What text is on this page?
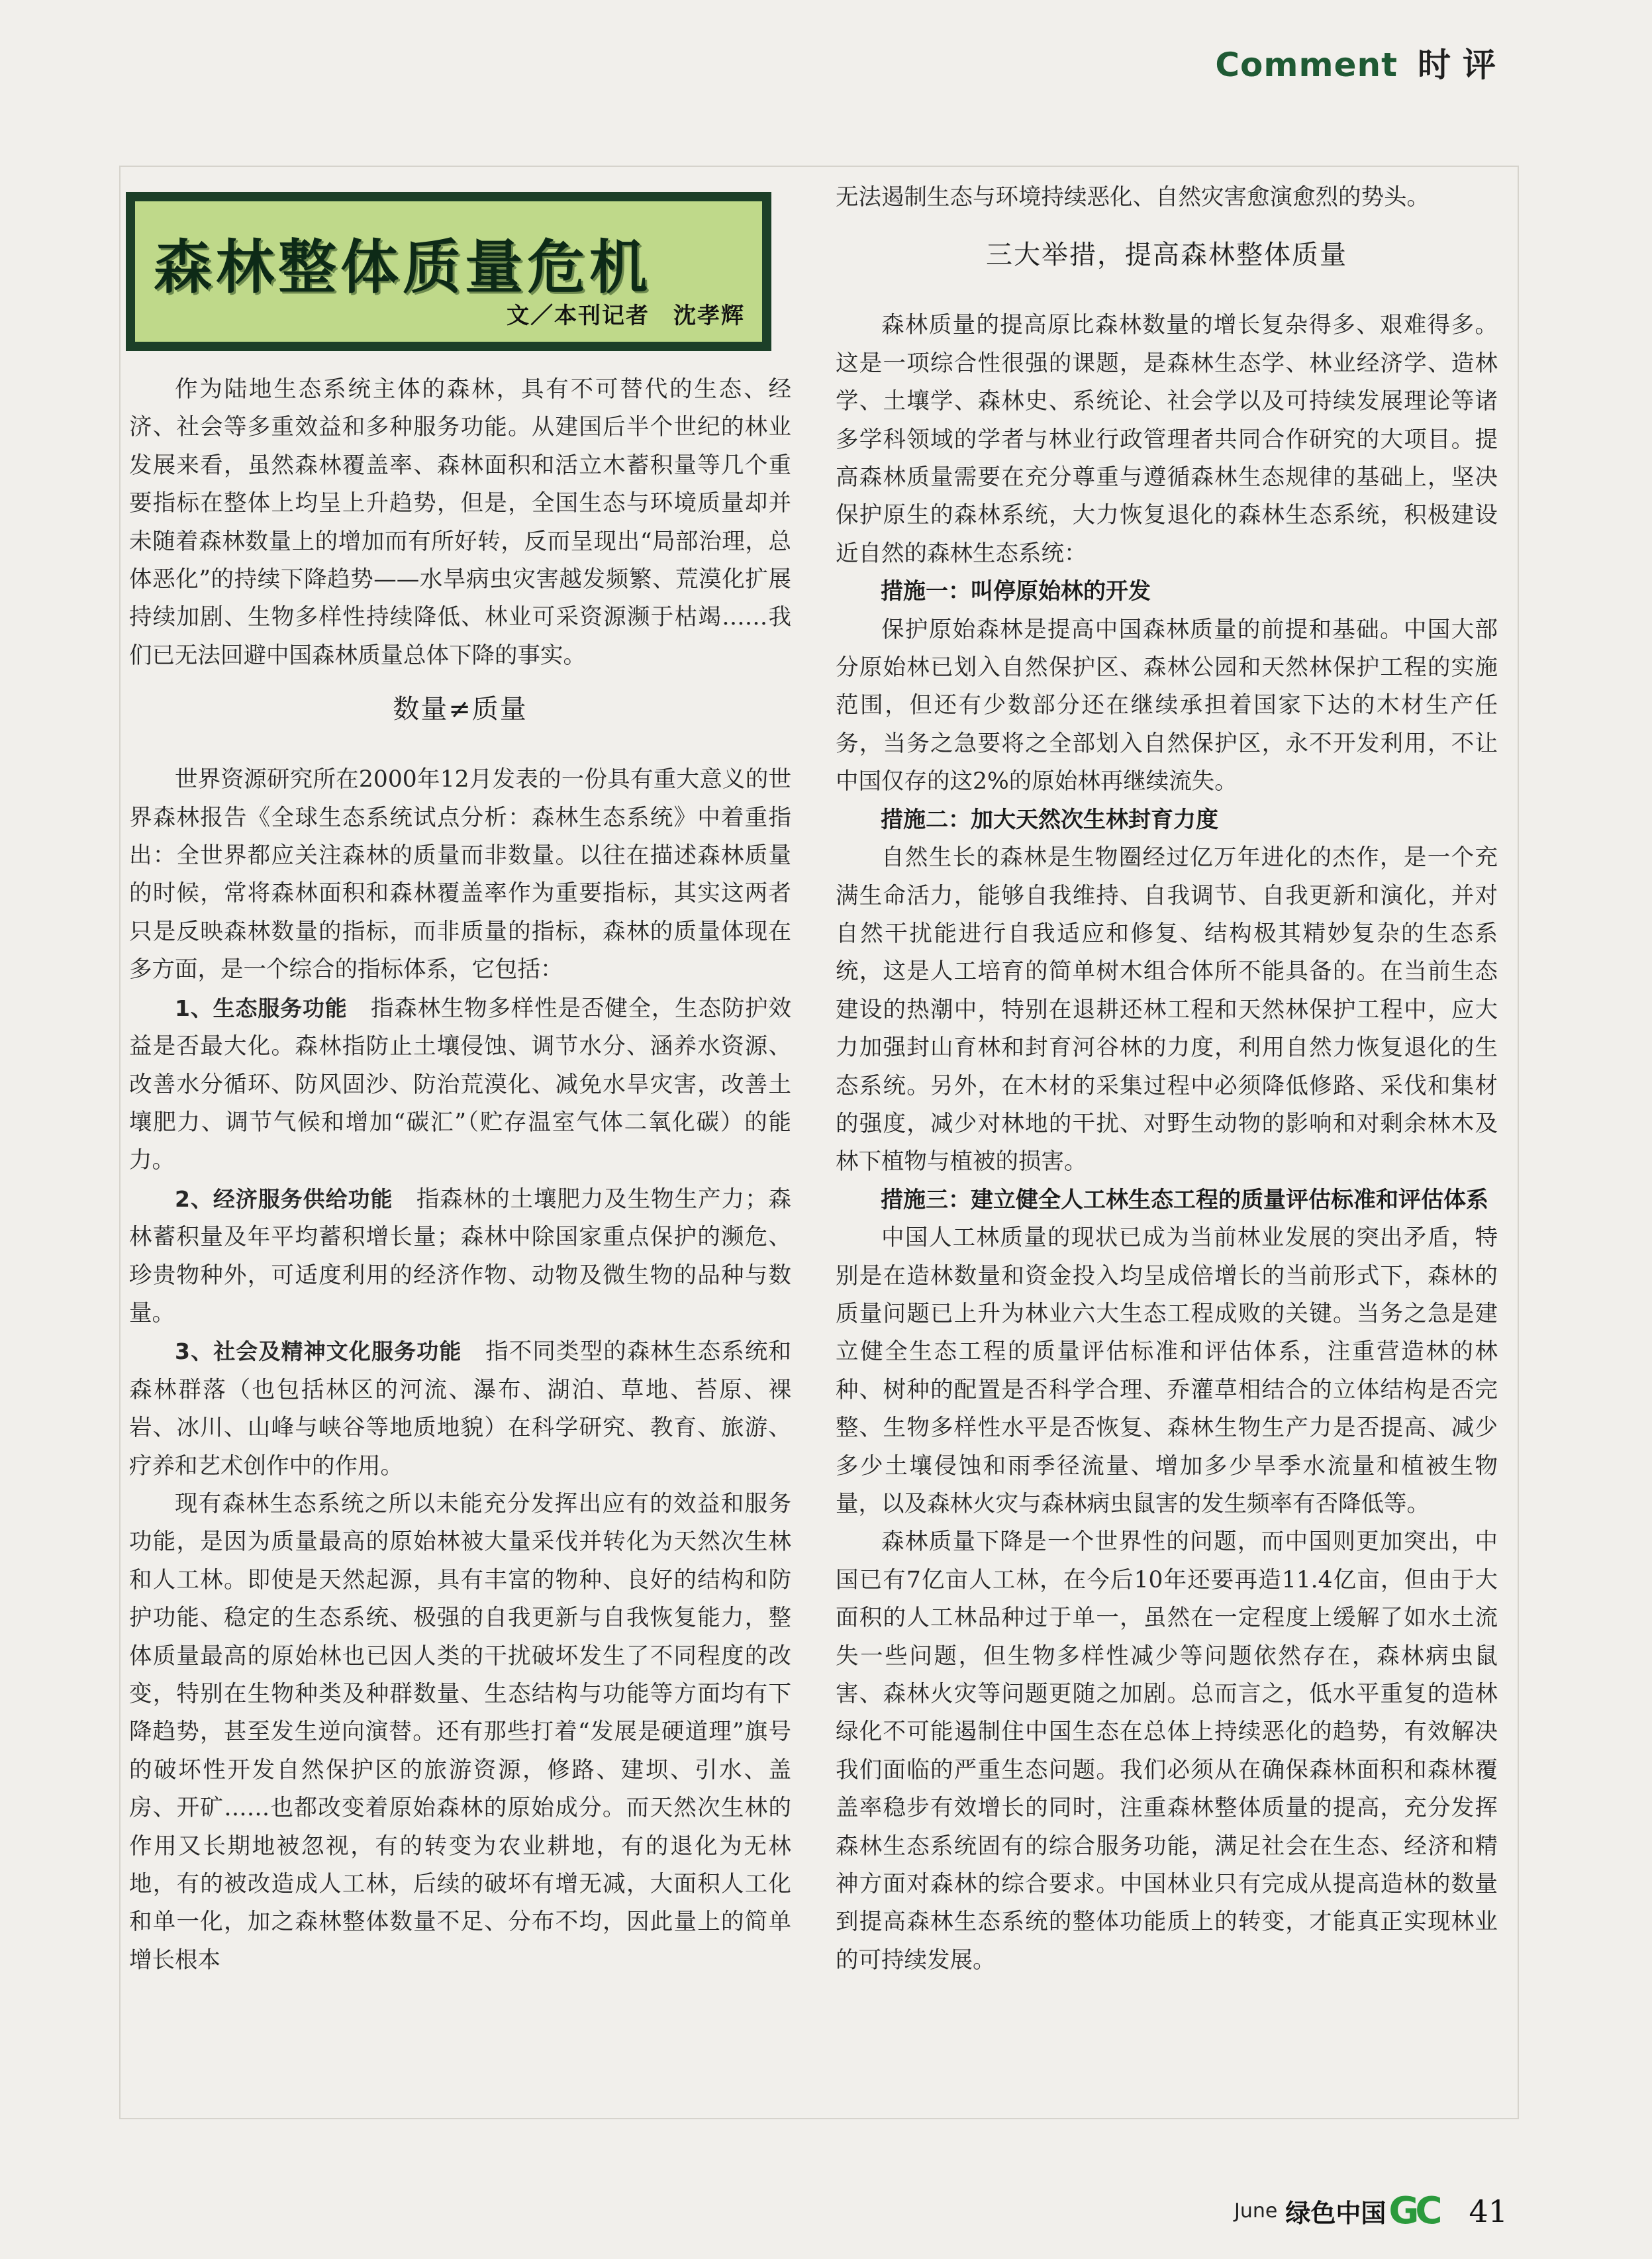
Comment 时评
森林整体质量危机
文／本刊记者　沈孝辉

作为陆地生态系统主体的森林，具有不可替代的生态、经济、社会等多重效益和多种服务功能。从建国后半个世纪的林业发展来看，虽然森林覆盖率、森林面积和活立木蓄积量等几个重要指标在整体上均呈上升趋势，但是，全国生态与环境质量却并未随着森林数量上的增加而有所好转，反而呈现出“局部治理，总体恶化”的持续下降趋势——水旱病虫灾害越发频繁、荒漠化扩展持续加剧、生物多样性持续降低、林业可采资源濒于枯竭……我们已无法回避中国森林质量总体下降的事实。

数量≠质量

世界资源研究所在2000年12月发表的一份具有重大意义的世界森林报告《全球生态系统试点分析：森林生态系统》中着重指出：全世界都应关注森林的质量而非数量。以往在描述森林质量的时候，常将森林面积和森林覆盖率作为重要指标，其实这两者只是反映森林数量的指标，而非质量的指标，森林的质量体现在多方面，是一个综合的指标体系，它包括：

1、生态服务功能　 指森林生物多样性是否健全，生态防护效益是否最大化。森林指防止土壤侵蚀、调节水分、涵养水资源、改善水分循环、防风固沙、防治荒漠化、减免水旱灾害，改善土壤肥力、调节气候和增加“碳汇”（贮存温室气体二氧化碳）的能力。

2、经济服务供给功能　 指森林的土壤肥力及生物生产力；森林蓄积量及年平均蓄积增长量；森林中除国家重点保护的濒危、珍贵物种外，可适度利用的经济作物、动物及微生物的品种与数量。

3、社会及精神文化服务功能　 指不同类型的森林生态系统和森林群落（也包括林区的河流、瀑布、湖泊、草地、苔原、裸岩、冰川、山峰与峡谷等地质地貌）在科学研究、教育、旅游、疗养和艺术创作中的作用。

现有森林生态系统之所以未能充分发挥出应有的效益和服务功能，是因为质量最高的原始林被大量采伐并转化为天然次生林和人工林。即使是天然起源，具有丰富的物种、良好的结构和防护功能、稳定的生态系统、极强的自我更新与自我恢复能力，整体质量最高的原始林也已因人类的干扰破坏发生了不同程度的改变，特别在生物种类及种群数量、生态结构与功能等方面均有下降趋势，甚至发生逆向演替。还有那些打着“发展是硬道理”旗号的破坏性开发自然保护区的旅游资源，修路、建坝、引水、盖房、开矿……也都改变着原始森林的原始成分。而天然次生林的作用又长期地被忽视，有的转变为农业耕地，有的退化为无林地，有的被改造成人工林，后续的破坏有增无减，大面积人工化和单一化，加之森林整体数量不足、分布不均，因此量上的简单增长根本

无法遏制生态与环境持续恶化、自然灾害愈演愈烈的势头。

三大举措，提高森林整体质量

森林质量的提高原比森林数量的增长复杂得多、艰难得多。这是一项综合性很强的课题，是森林生态学、林业经济学、造林学、土壤学、森林史、系统论、社会学以及可持续发展理论等诸多学科领域的学者与林业行政管理者共同合作研究的大项目。提高森林质量需要在充分尊重与遵循森林生态规律的基础上，坚决保护原生的森林系统，大力恢复退化的森林生态系统，积极建设近自然的森林生态系统：

措施一：叫停原始林的开发

保护原始森林是提高中国森林质量的前提和基础。中国大部分原始林已划入自然保护区、森林公园和天然林保护工程的实施范围，但还有少数部分还在继续承担着国家下达的木材生产任务，当务之急要将之全部划入自然保护区，永不开发利用，不让中国仅存的这2%的原始林再继续流失。

措施二：加大天然次生林封育力度

自然生长的森林是生物圈经过亿万年进化的杰作，是一个充满生命活力，能够自我维持、自我调节、自我更新和演化，并对自然干扰能进行自我适应和修复、结构极其精妙复杂的生态系统，这是人工培育的简单树木组合体所不能具备的。在当前生态建设的热潮中，特别在退耕还林工程和天然林保护工程中，应大力加强封山育林和封育河谷林的力度，利用自然力恢复退化的生态系统。另外，在木材的采集过程中必须降低修路、采伐和集材的强度，减少对林地的干扰、对野生动物的影响和对剩余林木及林下植物与植被的损害。

措施三：建立健全人工林生态工程的质量评估标准和评估体系

中国人工林质量的现状已成为当前林业发展的突出矛盾，特别是在造林数量和资金投入均呈成倍增长的当前形式下，森林的质量问题已上升为林业六大生态工程成败的关键。当务之急是建立健全生态工程的质量评估标准和评估体系，注重营造林的林种、树种的配置是否科学合理、乔灌草相结合的立体结构是否完整、生物多样性水平是否恢复、森林生物生产力是否提高、减少多少土壤侵蚀和雨季径流量、增加多少旱季水流量和植被生物量，以及森林火灾与森林病虫鼠害的发生频率有否降低等。

森林质量下降是一个世界性的问题，而中国则更加突出，中国已有7亿亩人工林，在今后10年还要再造11.4亿亩，但由于大面积的人工林品种过于单一，虽然在一定程度上缓解了如水土流失一些问题，但生物多样性减少等问题依然存在，森林病虫鼠害、森林火灾等问题更随之加剧。总而言之，低水平重复的造林绿化不可能遏制住中国生态在总体上持续恶化的趋势，有效解决我们面临的严重生态问题。我们必须从在确保森林面积和森林覆盖率稳步有效增长的同时，注重森林整体质量的提高，充分发挥森林生态系统固有的综合服务功能，满足社会在生态、经济和精神方面对森林的综合要求。中国林业只有完成从提高造林的数量到提高森林生态系统的整体功能质上的转变，才能真正实现林业的可持续发展。

June 绿色中国 GC 41
